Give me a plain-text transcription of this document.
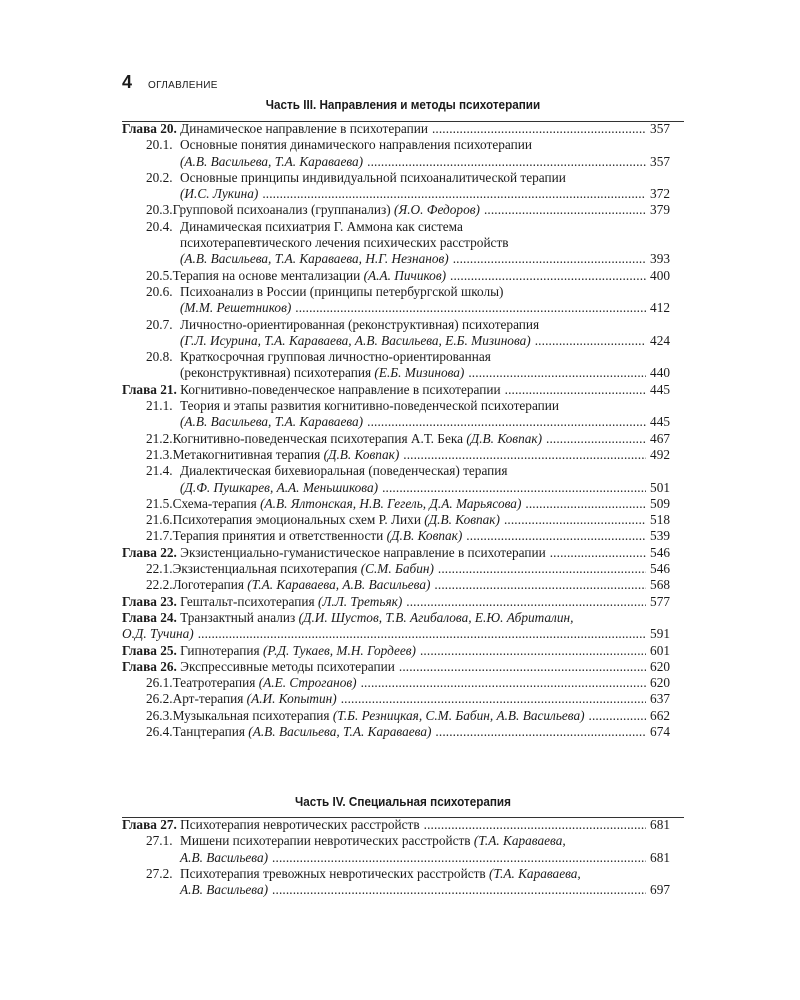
4 ОГЛАВЛЕНИЕ
Часть III. Направления и методы психотерапии
Глава 20.
Динамическое направление в психотерапии . . .	357
20.1. Основные понятия динамического направления психотерапии
(А.В. Васильева, Т.А. Караваева) . . .	357
20.2. Основные принципы индивидуальной психоаналитической терапии
(И.С. Лукина) . . .	372
20.3. Групповой психоанализ (группанализ)
(Я.О. Федоров) . . .	379
20.4. Динамическая психиатрия Г. Аммона как система
психотерапевтического лечения психических расстройств
(А.В. Васильева, Т.А. Караваева, Н.Г. Незнанов) . . .	393
20.5. Терапия на основе ментализации
(А.А. Пичиков) . . .	400
20.6. Психоанализ в России (принципы петербургской школы)
(М.М. Решетников) . . .	412
20.7. Личностно-ориентированная (реконструктивная) психотерапия
(Г.Л. Исурина, Т.А. Караваева, А.В. Васильева, Е.Б. Мизинова) . . .	424
20.8. Краткосрочная групповая личностно-ориентированная
(реконструктивная) психотерапия
(Е.Б. Мизинова) . . .	440
Глава 21.
Когнитивно-поведенческое направление в психотерапии . . .	445
21.1. Теория и этапы развития когнитивно-поведенческой психотерапии
(А.В. Васильева, Т.А. Караваева) . . .	445
21.2. Когнитивно-поведенческая психотерапия А.Т. Бека
(Д.В. Ковпак) . . .	467
21.3. Метакогнитивная терапия
(Д.В. Ковпак) . . .	492
21.4. Диалектическая бихевиоральная (поведенческая) терапия
(Д.Ф. Пушкарев, А.А. Меньшикова) . . .	501
21.5. Схема-терапия
(А.В. Ялтонская, Н.В. Гегель, Д.А. Марьясова) . . .	509
21.6. Психотерапия эмоциональных схем Р. Лихи
(Д.В. Ковпак) . . .	518
21.7. Терапия принятия и ответственности
(Д.В. Ковпак) . . .	539
Глава 22.
Экзистенциально-гуманистическое направление в психотерапии . . .	546
22.1. Экзистенциальная психотерапия
(С.М. Бабин) . . .	546
22.2. Логотерапия
(Т.А. Караваева, А.В. Васильева) . . .	568
Глава 23.
Гештальт-психотерапия
(Л.Л. Третьяк) . . .	577
Глава 24.
Транзактный анализ
(Д.И. Шустов, Т.В. Агибалова, Е.Ю. Абриталин,
О.Д. Тучина) . . .	591
Глава 25.
Гипнотерапия
(Р.Д. Тукаев, М.Н. Гордеев) . . .	601
Глава 26.
Экспрессивные методы психотерапии . . .	620
26.1. Театротерапия
(А.Е. Строганов) . . .	620
26.2. Арт-терапия
(А.И. Копытин) . . .	637
26.3. Музыкальная психотерапия
(Т.Б. Резницкая, С.М. Бабин, А.В. Васильева) . . .	662
26.4. Танцтерапия
(А.В. Васильева, Т.А. Караваева) . . .	674
Часть IV. Специальная психотерапия
Глава 27.
Психотерапия невротических расстройств . . .	681
27.1. Мишени психотерапии невротических расстройств
(Т.А. Караваева,
А.В. Васильева) . . .	681
27.2. Психотерапия тревожных невротических расстройств
(Т.А. Караваева,
А.В. Васильева) . . .	697
